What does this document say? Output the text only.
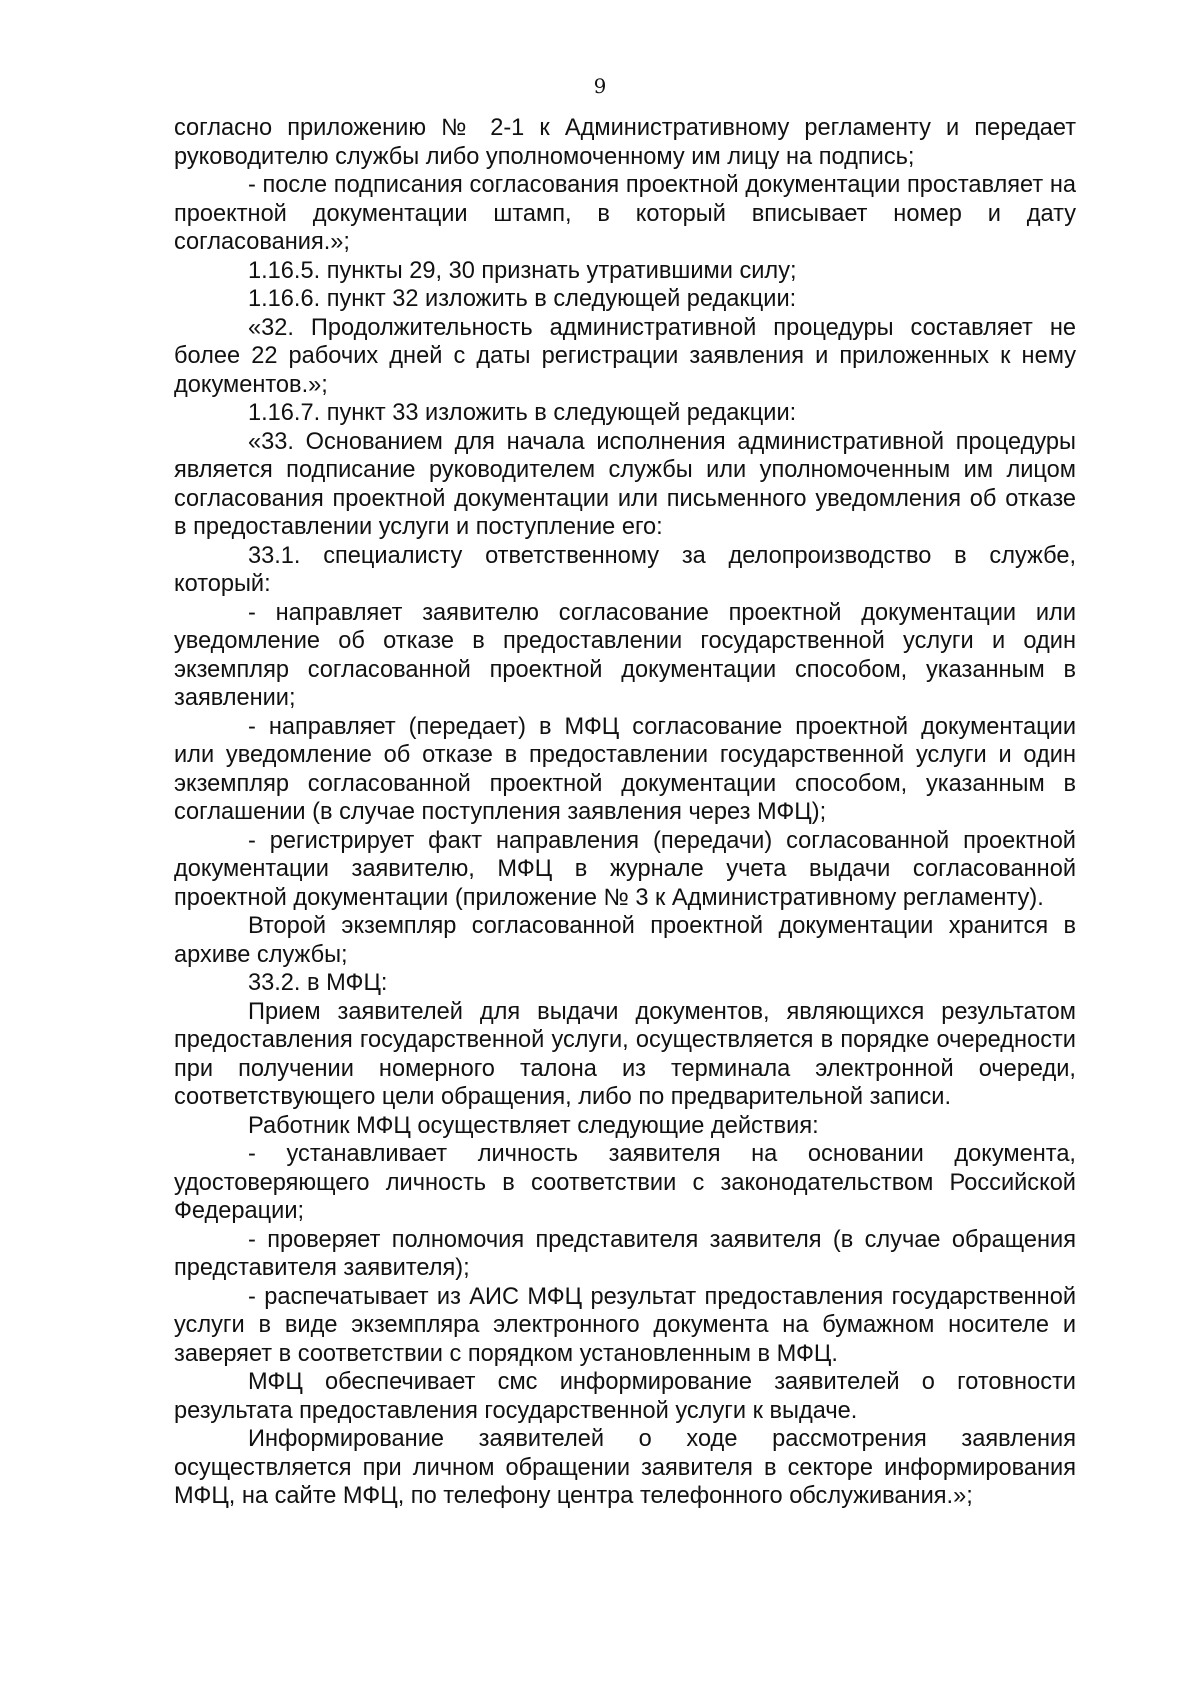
9

согласно приложению № 2-1 к Административному регламенту и передает руководителю службы либо уполномоченному им лицу на подпись;

- после подписания согласования проектной документации проставляет на проектной документации штамп, в который вписывает номер и дату согласования.»;

1.16.5. пункты 29, 30 признать утратившими силу;

1.16.6. пункт 32 изложить в следующей редакции:

«32. Продолжительность административной процедуры составляет не более 22 рабочих дней с даты регистрации заявления и приложенных к нему документов.»;

1.16.7. пункт 33 изложить в следующей редакции:

«33. Основанием для начала исполнения административной процедуры является подписание руководителем службы или уполномоченным им лицом согласования проектной документации или письменного уведомления об отказе в предоставлении услуги и поступление его:

33.1. специалисту ответственному за делопроизводство в службе, который:

- направляет заявителю согласование проектной документации или уведомление об отказе в предоставлении государственной услуги и один экземпляр согласованной проектной документации способом, указанным в заявлении;

- направляет (передает) в МФЦ согласование проектной документации или уведомление об отказе в предоставлении государственной услуги и один экземпляр согласованной проектной документации способом, указанным в соглашении (в случае поступления заявления через МФЦ);

- регистрирует факт направления (передачи) согласованной проектной документации заявителю, МФЦ в журнале учета выдачи согласованной проектной документации (приложение № 3 к Административному регламенту).

Второй экземпляр согласованной проектной документации хранится в архиве службы;

33.2. в МФЦ:

Прием заявителей для выдачи документов, являющихся результатом предоставления государственной услуги, осуществляется в порядке очередности при получении номерного талона из терминала электронной очереди, соответствующего цели обращения, либо по предварительной записи.

Работник МФЦ осуществляет следующие действия:

- устанавливает личность заявителя на основании документа, удостоверяющего личность в соответствии с законодательством Российской Федерации;

- проверяет полномочия представителя заявителя (в случае обращения представителя заявителя);

- распечатывает из АИС МФЦ результат предоставления государственной услуги в виде экземпляра электронного документа на бумажном носителе и заверяет в соответствии с порядком установленным в МФЦ.

МФЦ обеспечивает смс информирование заявителей о готовности результата предоставления государственной услуги к выдаче.

Информирование заявителей о ходе рассмотрения заявления осуществляется при личном обращении заявителя в секторе информирования МФЦ, на сайте МФЦ, по телефону центра телефонного обслуживания.»;
